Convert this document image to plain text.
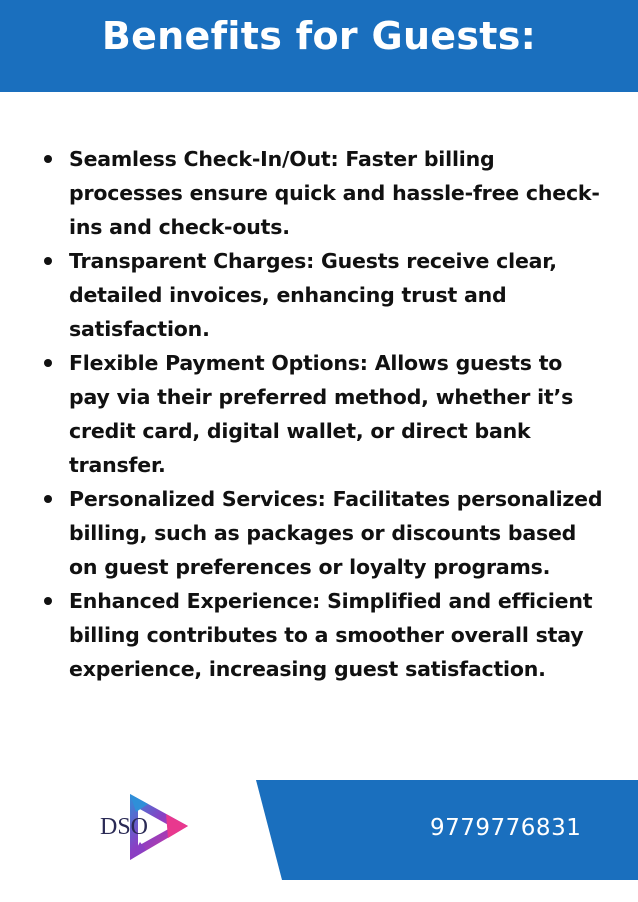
Benefits for Guests:
Seamless Check-In/Out: Faster billing processes ensure quick and hassle-free check-ins and check-outs.
Transparent Charges: Guests receive clear, detailed invoices, enhancing trust and satisfaction.
Flexible Payment Options: Allows guests to pay via their preferred method, whether it’s credit card, digital wallet, or direct bank transfer.
Personalized Services: Facilitates personalized billing, such as packages or discounts based on guest preferences or loyalty programs.
Enhanced Experience: Simplified and efficient billing contributes to a smoother overall stay experience, increasing guest satisfaction.
DSO	9779776831
